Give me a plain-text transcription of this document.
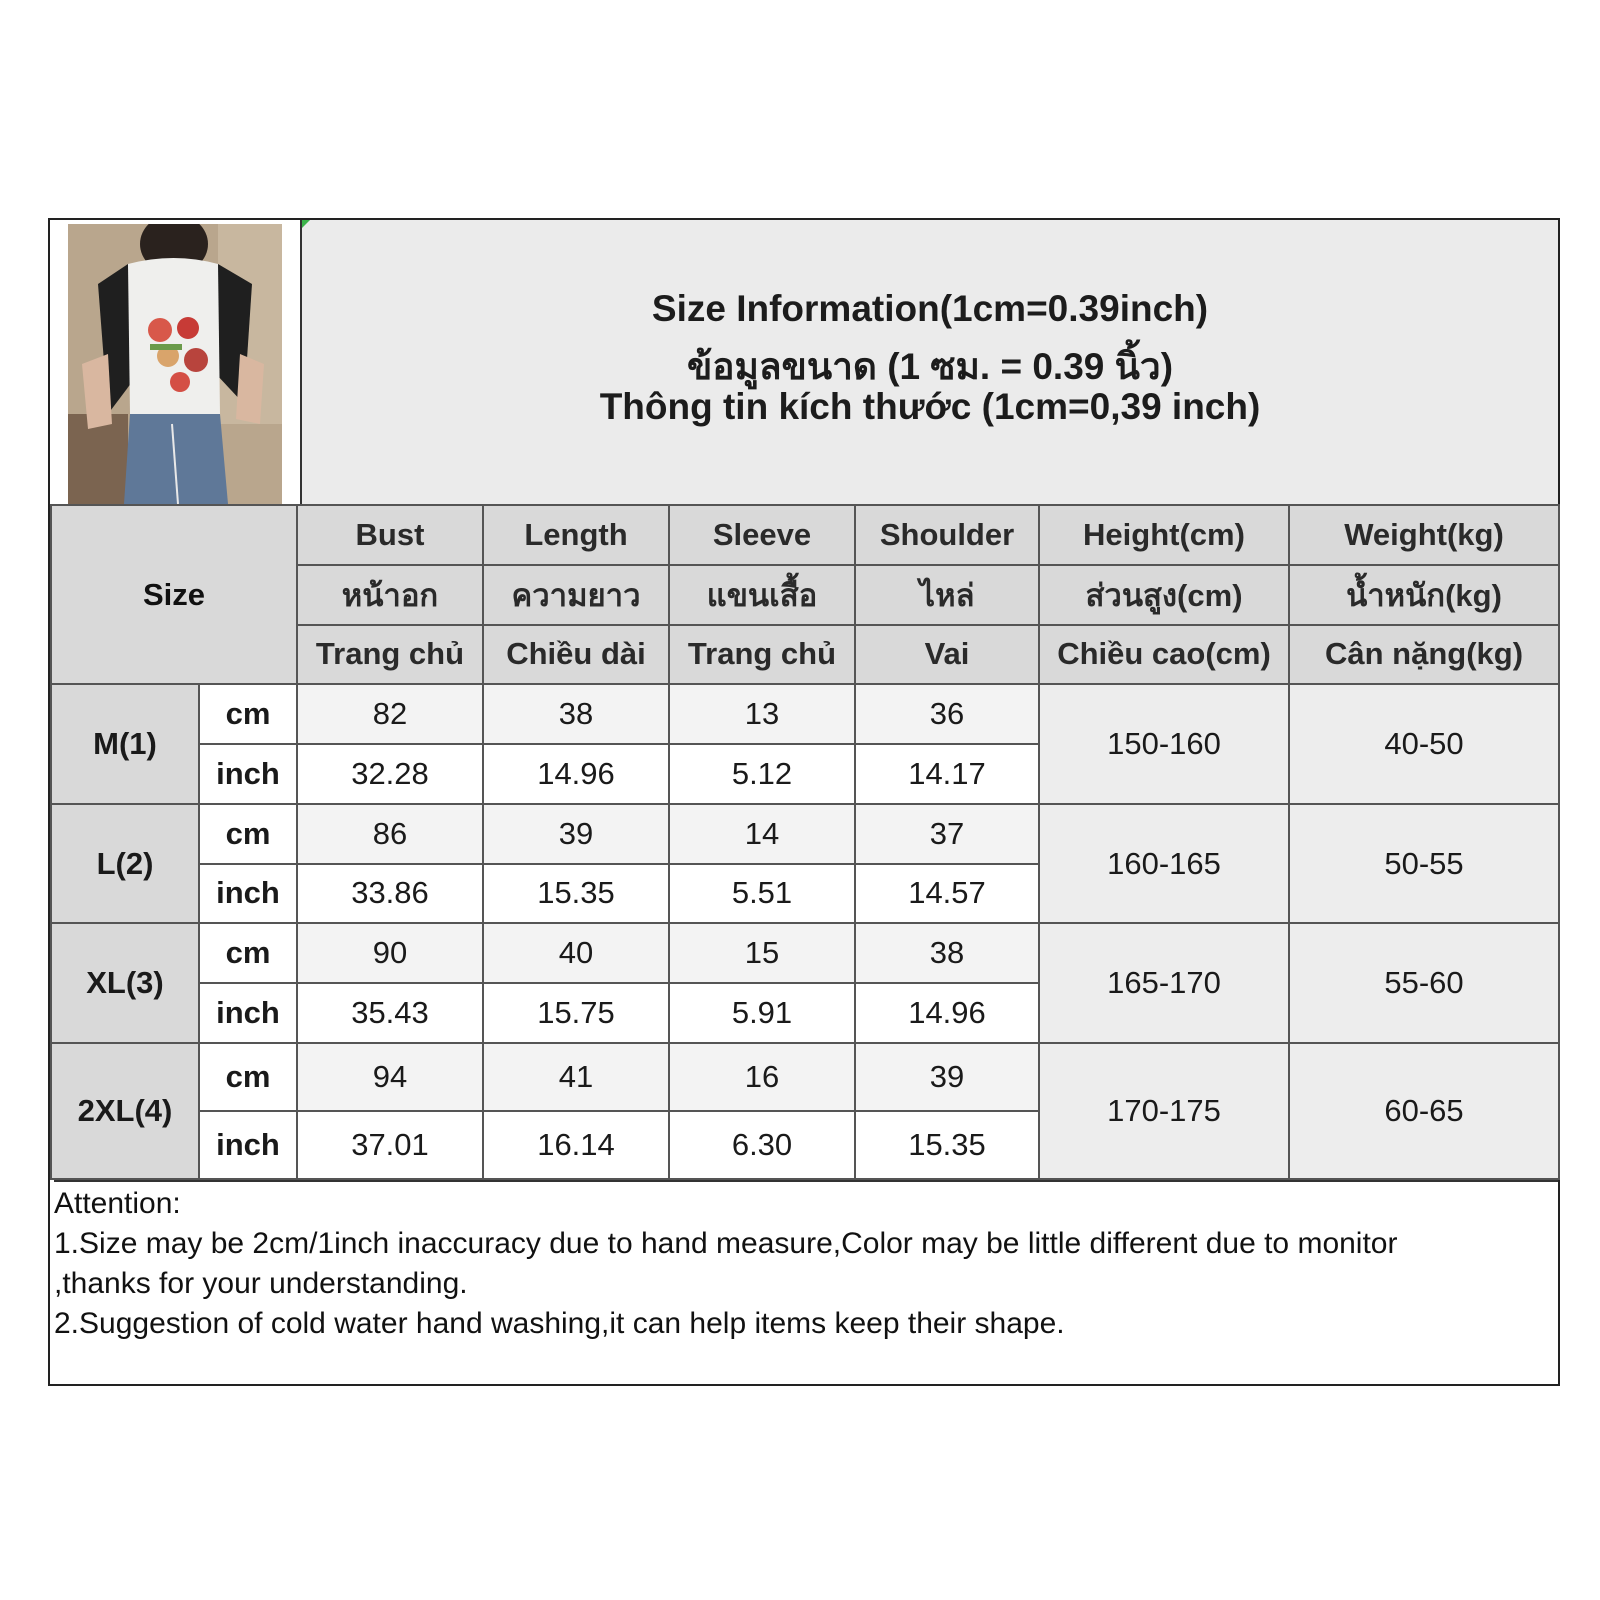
Size Information(1cm=0.39inch)
ข้อมูลขนาด (1 ซม. = 0.39 นิ้ว)
Thông tin kích thước (1cm=0,39 inch)
Size		Bust	Length	Sleeve	Shoulder	Height(cm)	Weight(kg)
		หน้าอก	ความยาว	แขนเสื้อ	ไหล่	ส่วนสูง(cm)	น้ำหนัก(kg)
		Trang chủ	Chiều dài	Trang chủ	Vai	Chiều cao(cm)	Cân nặng(kg)
M(1)	cm	82	38	13	36	150-160	40-50
	inch	32.28	14.96	5.12	14.17		
L(2)	cm	86	39	14	37	160-165	50-55
	inch	33.86	15.35	5.51	14.57		
XL(3)	cm	90	40	15	38	165-170	55-60
	inch	35.43	15.75	5.91	14.96		
2XL(4)	cm	94	41	16	39	170-175	60-65
	inch	37.01	16.14	6.30	15.35		
Attention:
1.Size may be 2cm/1inch inaccuracy due to hand measure,Color may be little different due to monitor
,thanks for your understanding.
2.Suggestion of cold water hand washing,it can help items keep their shape.
